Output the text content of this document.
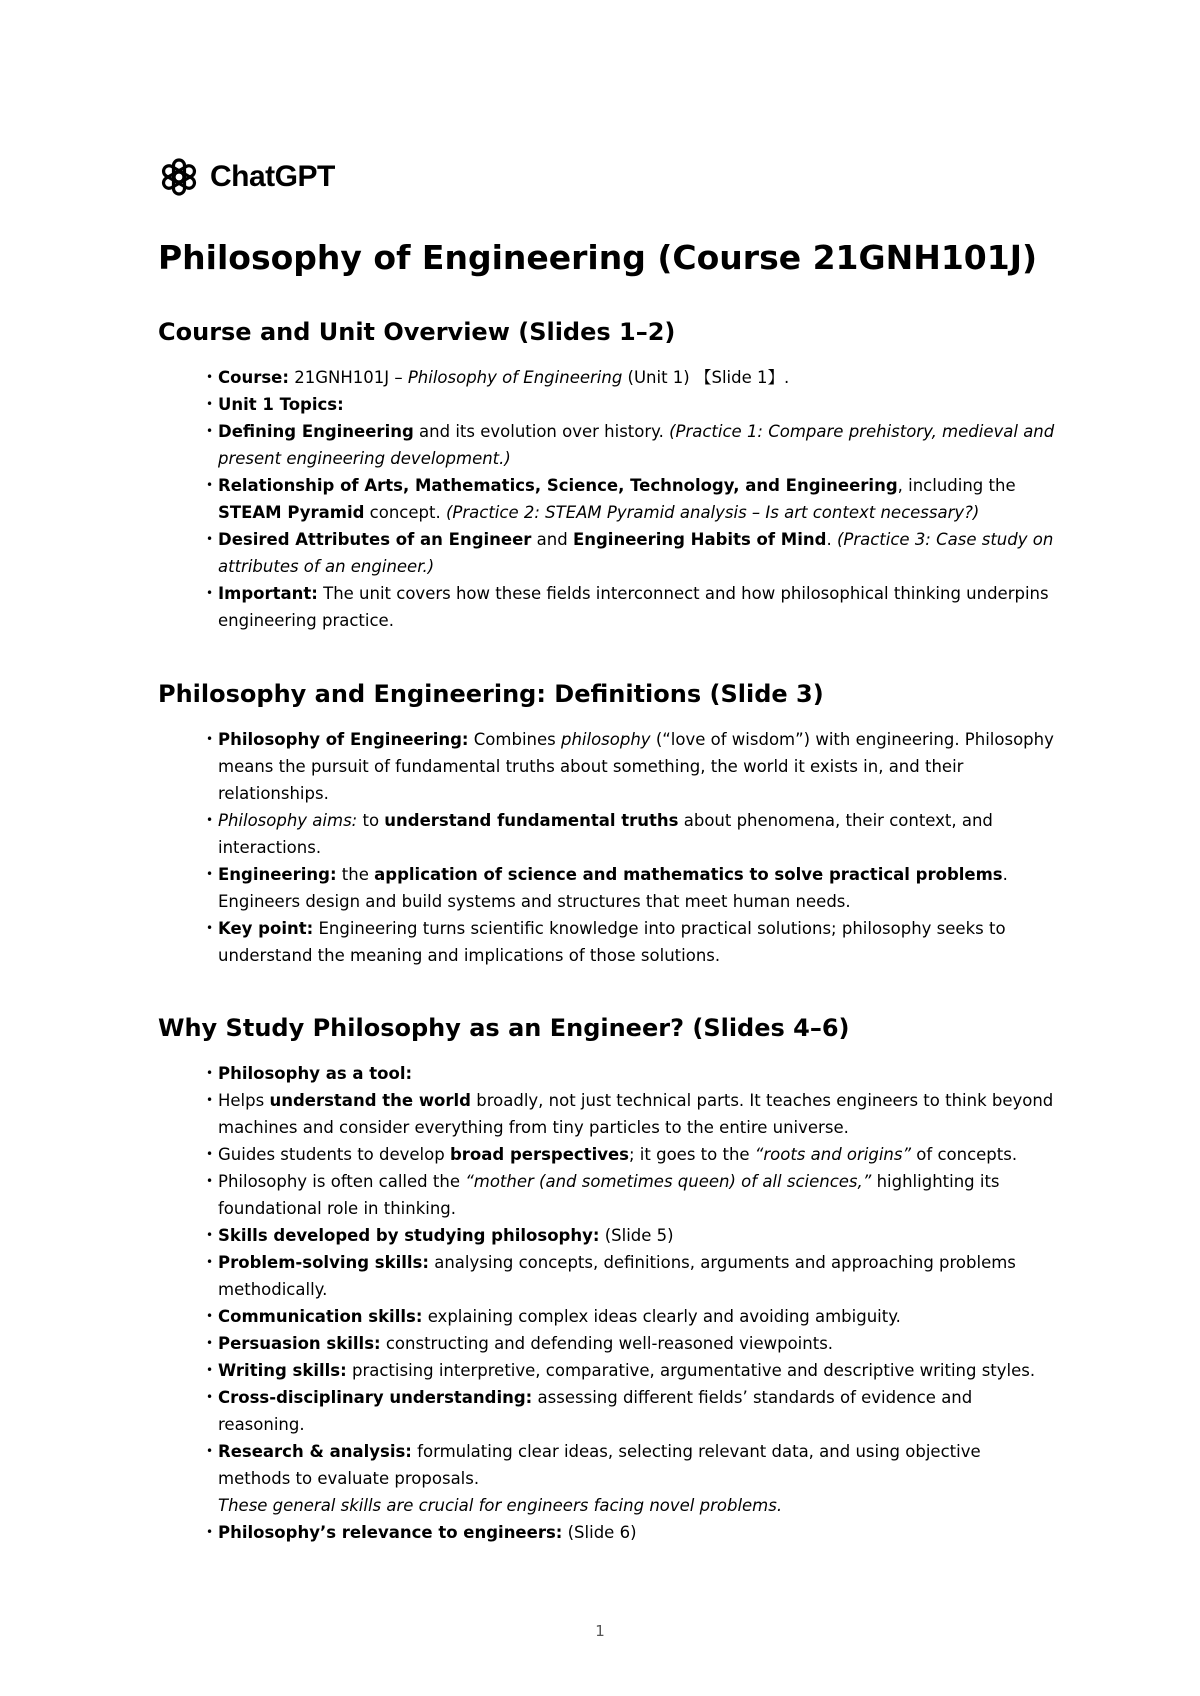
ChatGPT
Philosophy of Engineering (Course 21GNH101J)
Course and Unit Overview (Slides 1–2)
• Course: 21GNH101J – Philosophy of Engineering (Unit 1) 【Slide 1】.
• Unit 1 Topics:
• Defining Engineering and its evolution over history. (Practice 1: Compare prehistory, medieval and present engineering development.)
• Relationship of Arts, Mathematics, Science, Technology, and Engineering, including the STEAM Pyramid concept. (Practice 2: STEAM Pyramid analysis – Is art context necessary?)
• Desired Attributes of an Engineer and Engineering Habits of Mind. (Practice 3: Case study on attributes of an engineer.)
• Important: The unit covers how these fields interconnect and how philosophical thinking underpins engineering practice.
Philosophy and Engineering: Definitions (Slide 3)
• Philosophy of Engineering: Combines philosophy (“love of wisdom”) with engineering. Philosophy means the pursuit of fundamental truths about something, the world it exists in, and their relationships.
• Philosophy aims: to understand fundamental truths about phenomena, their context, and interactions.
• Engineering: the application of science and mathematics to solve practical problems. Engineers design and build systems and structures that meet human needs.
• Key point: Engineering turns scientific knowledge into practical solutions; philosophy seeks to understand the meaning and implications of those solutions.
Why Study Philosophy as an Engineer? (Slides 4–6)
• Philosophy as a tool:
• Helps understand the world broadly, not just technical parts. It teaches engineers to think beyond machines and consider everything from tiny particles to the entire universe.
• Guides students to develop broad perspectives; it goes to the “roots and origins” of concepts.
• Philosophy is often called the “mother (and sometimes queen) of all sciences,” highlighting its foundational role in thinking.
• Skills developed by studying philosophy: (Slide 5)
• Problem-solving skills: analysing concepts, definitions, arguments and approaching problems methodically.
• Communication skills: explaining complex ideas clearly and avoiding ambiguity.
• Persuasion skills: constructing and defending well-reasoned viewpoints.
• Writing skills: practising interpretive, comparative, argumentative and descriptive writing styles.
• Cross-disciplinary understanding: assessing different fields’ standards of evidence and reasoning.
• Research & analysis: formulating clear ideas, selecting relevant data, and using objective methods to evaluate proposals.
These general skills are crucial for engineers facing novel problems.
• Philosophy’s relevance to engineers: (Slide 6)
1
